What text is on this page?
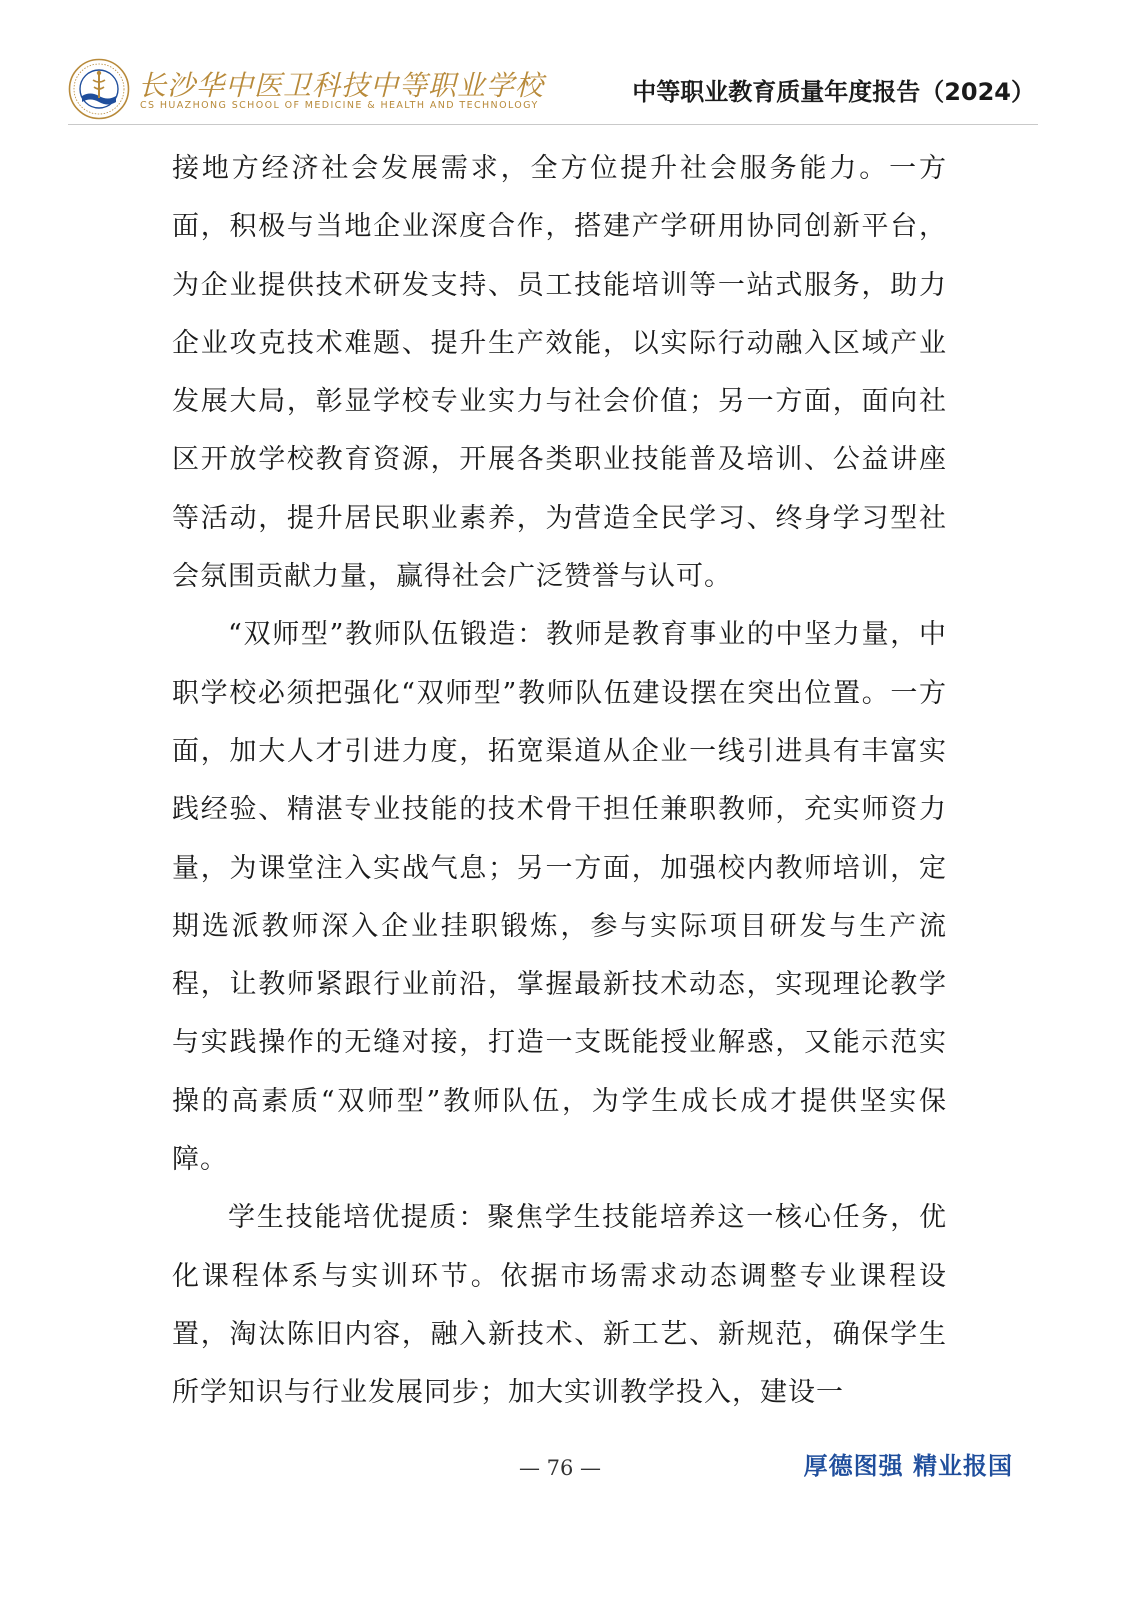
长沙华中医卫科技中等职业学校
CS HUAZHONG SCHOOL OF MEDICINE & HEALTH AND TECHNOLOGY	中等职业教育质量年度报告（2024）

接地方经济社会发展需求，全方位提升社会服务能力。一方面，积极与当地企业深度合作，搭建产学研用协同创新平台，为企业提供技术研发支持、员工技能培训等一站式服务，助力企业攻克技术难题、提升生产效能，以实际行动融入区域产业发展大局，彰显学校专业实力与社会价值；另一方面，面向社区开放学校教育资源，开展各类职业技能普及培训、公益讲座等活动，提升居民职业素养，为营造全民学习、终身学习型社会氛围贡献力量，赢得社会广泛赞誉与认可。

“双师型”教师队伍锻造：教师是教育事业的中坚力量，中职学校必须把强化“双师型”教师队伍建设摆在突出位置。一方面，加大人才引进力度，拓宽渠道从企业一线引进具有丰富实践经验、精湛专业技能的技术骨干担任兼职教师，充实师资力量，为课堂注入实战气息；另一方面，加强校内教师培训，定期选派教师深入企业挂职锻炼，参与实际项目研发与生产流程，让教师紧跟行业前沿，掌握最新技术动态，实现理论教学与实践操作的无缝对接，打造一支既能授业解惑，又能示范实操的高素质“双师型”教师队伍，为学生成长成才提供坚实保障。

学生技能培优提质：聚焦学生技能培养这一核心任务，优化课程体系与实训环节。依据市场需求动态调整专业课程设置，淘汰陈旧内容，融入新技术、新工艺、新规范，确保学生所学知识与行业发展同步；加大实训教学投入，建设一

— 76 —	厚德图强 精业报国
